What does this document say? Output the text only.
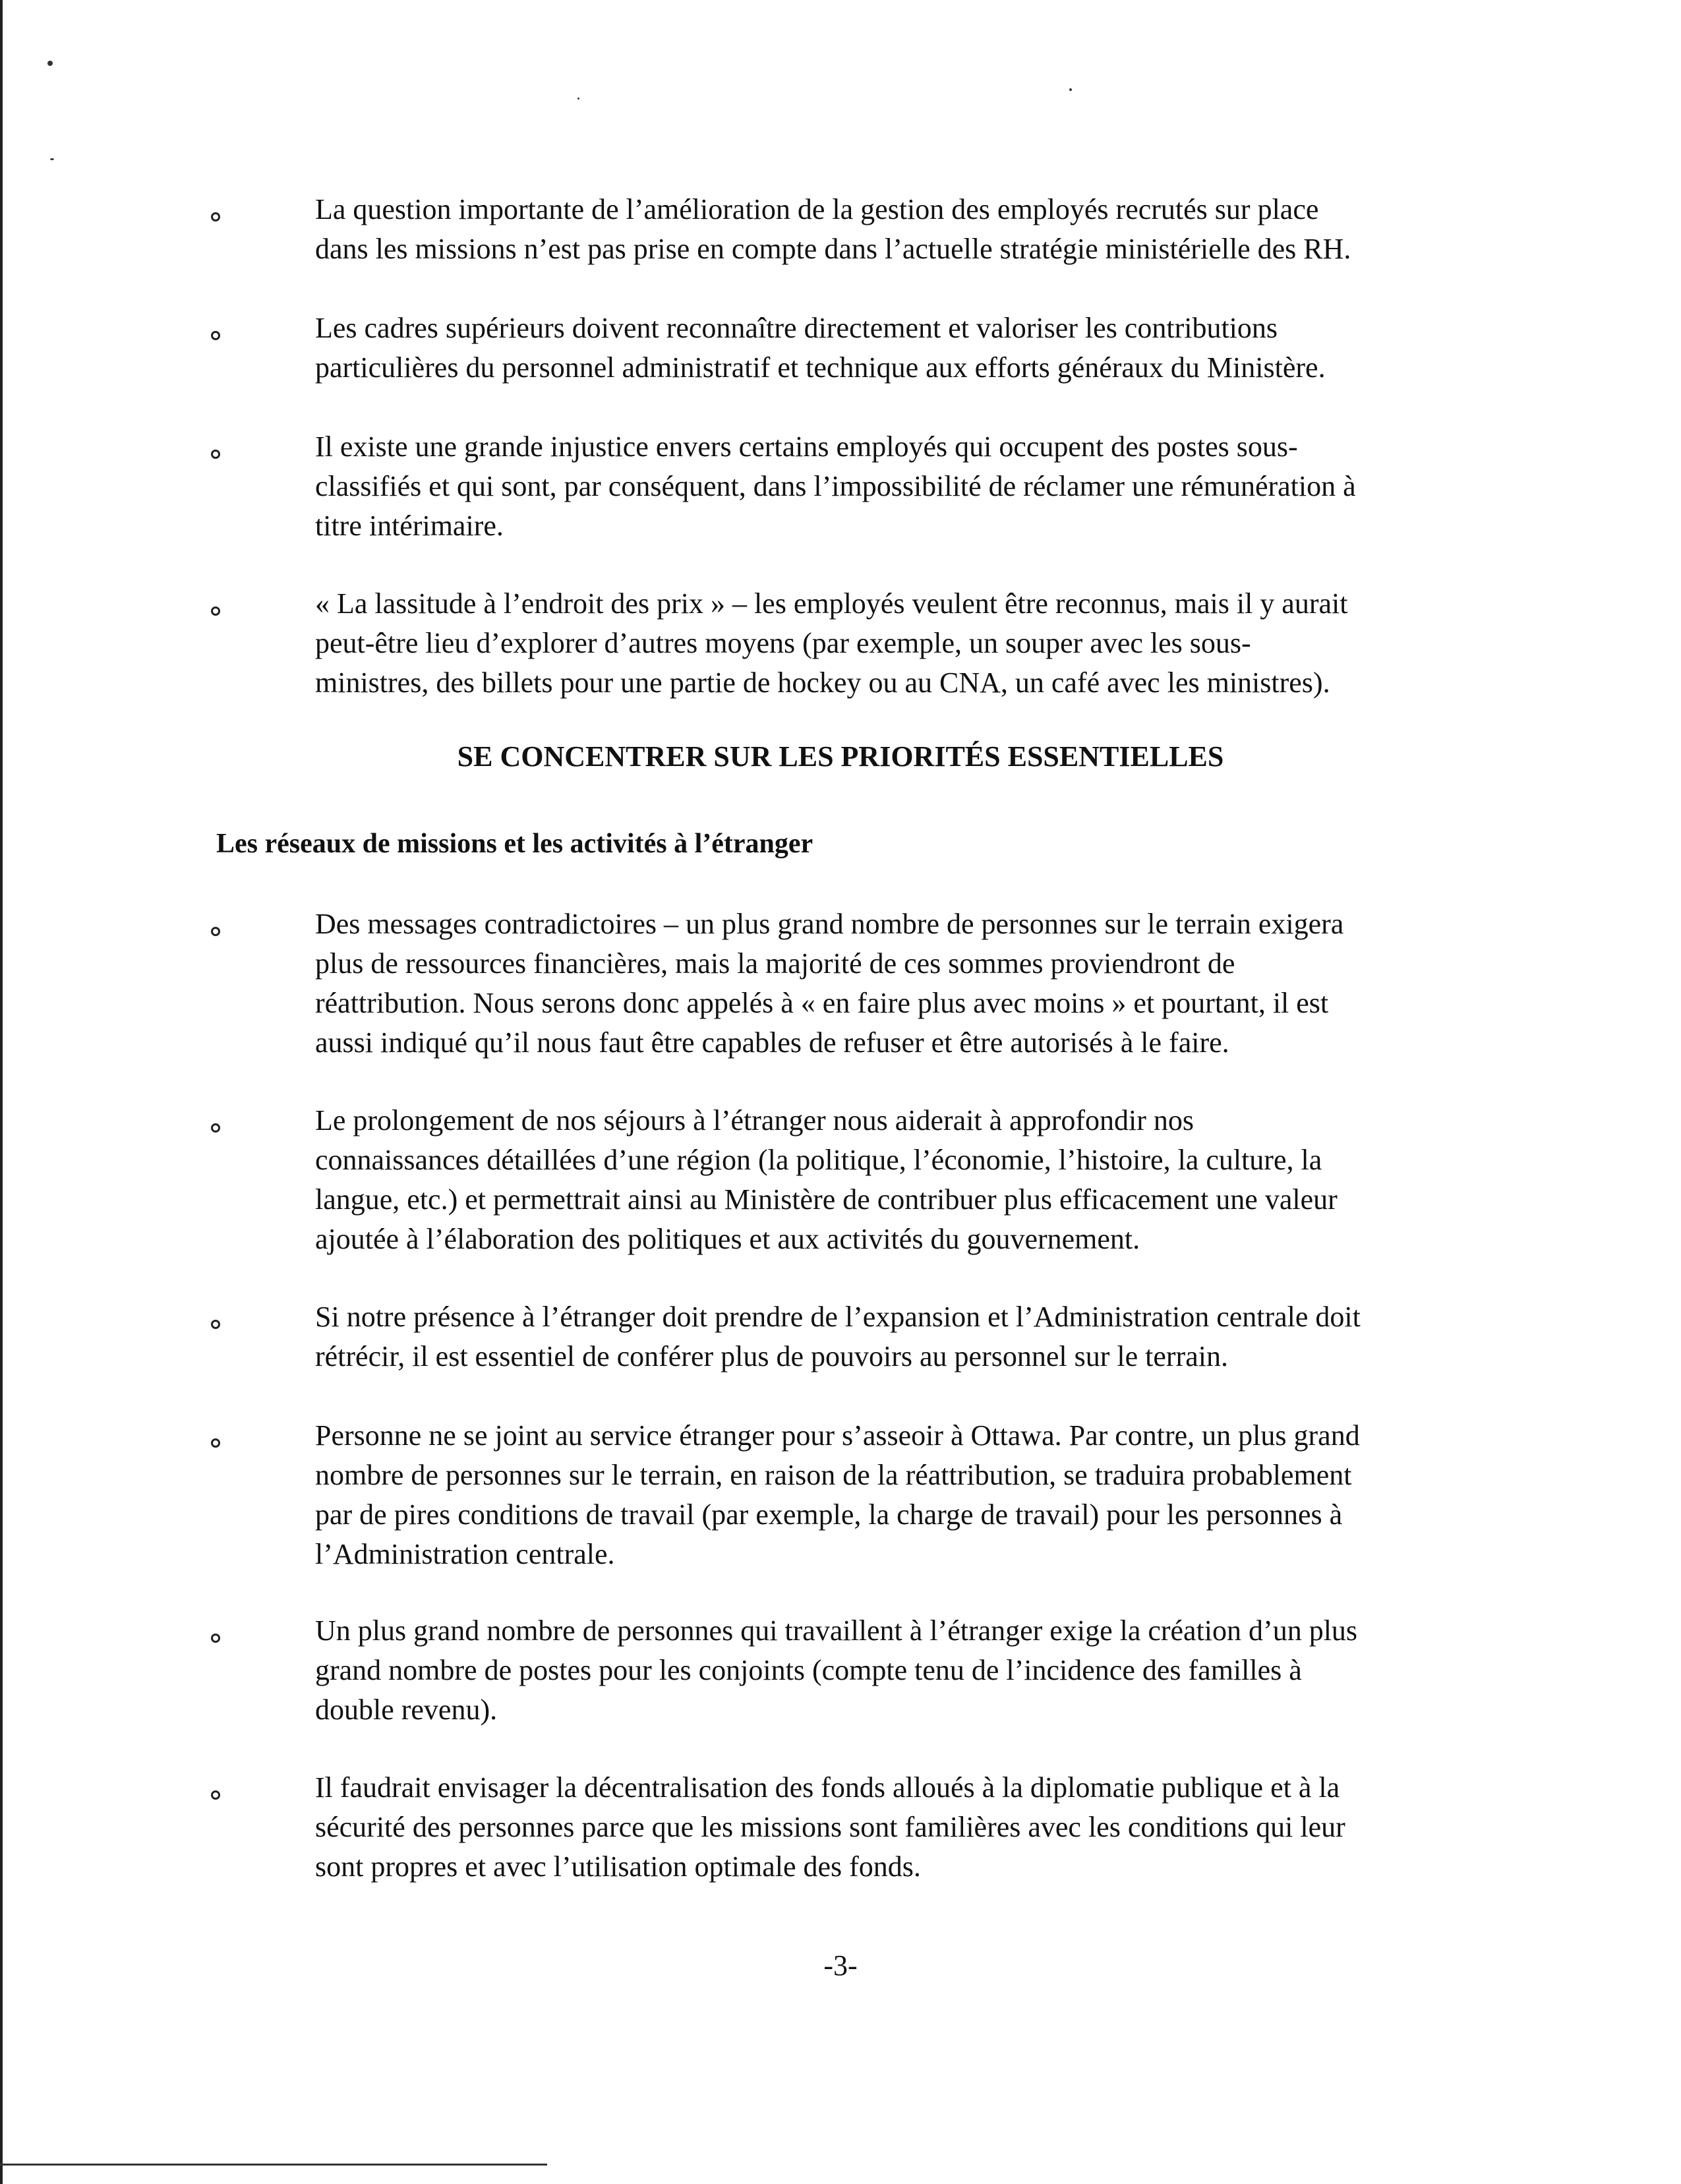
La question importante de l’amélioration de la gestion des employés recrutés sur place
dans les missions n’est pas prise en compte dans l’actuelle stratégie ministérielle des RH.
Les cadres supérieurs doivent reconnaître directement et valoriser les contributions
particulières du personnel administratif et technique aux efforts généraux du Ministère.
Il existe une grande injustice envers certains employés qui occupent des postes sous-
classifiés et qui sont, par conséquent, dans l’impossibilité de réclamer une rémunération à
titre intérimaire.
« La lassitude à l’endroit des prix » – les employés veulent être reconnus, mais il y aurait
peut-être lieu d’explorer d’autres moyens (par exemple, un souper avec les sous-
ministres, des billets pour une partie de hockey ou au CNA, un café avec les ministres).
SE CONCENTRER SUR LES PRIORITÉS ESSENTIELLES
Les réseaux de missions et les activités à l’étranger
Des messages contradictoires – un plus grand nombre de personnes sur le terrain exigera
plus de ressources financières, mais la majorité de ces sommes proviendront de
réattribution. Nous serons donc appelés à « en faire plus avec moins » et pourtant, il est
aussi indiqué qu’il nous faut être capables de refuser et être autorisés à le faire.
Le prolongement de nos séjours à l’étranger nous aiderait à approfondir nos
connaissances détaillées d’une région (la politique, l’économie, l’histoire, la culture, la
langue, etc.) et permettrait ainsi au Ministère de contribuer plus efficacement une valeur
ajoutée à l’élaboration des politiques et aux activités du gouvernement.
Si notre présence à l’étranger doit prendre de l’expansion et l’Administration centrale doit
rétrécir, il est essentiel de conférer plus de pouvoirs au personnel sur le terrain.
Personne ne se joint au service étranger pour s’asseoir à Ottawa. Par contre, un plus grand
nombre de personnes sur le terrain, en raison de la réattribution, se traduira probablement
par de pires conditions de travail (par exemple, la charge de travail) pour les personnes à
l’Administration centrale.
Un plus grand nombre de personnes qui travaillent à l’étranger exige la création d’un plus
grand nombre de postes pour les conjoints (compte tenu de l’incidence des familles à
double revenu).
Il faudrait envisager la décentralisation des fonds alloués à la diplomatie publique et à la
sécurité des personnes parce que les missions sont familières avec les conditions qui leur
sont propres et avec l’utilisation optimale des fonds.
-3-
